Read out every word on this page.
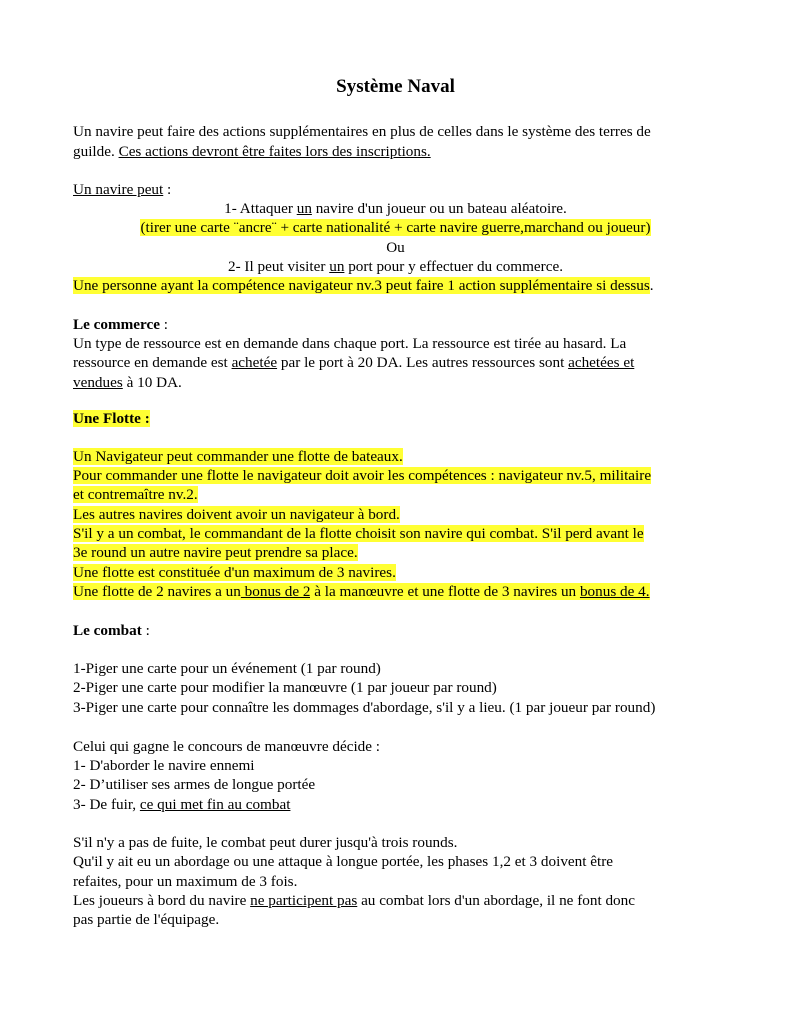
Système Naval
Un navire peut faire des actions supplémentaires en plus de celles dans le système des terres de
guilde. Ces actions devront être faites lors des inscriptions.
Un navire peut :
1- Attaquer un navire d'un joueur ou un bateau aléatoire.
(tirer une carte ¨ancre¨ + carte nationalité + carte navire guerre,marchand ou joueur)
Ou
2- Il peut visiter un port pour y effectuer du commerce.
Une personne ayant la compétence navigateur nv.3 peut faire 1 action supplémentaire si dessus.
Le commerce :
Un type de ressource est en demande dans chaque port. La ressource est tirée au hasard. La
ressource en demande est achetée par le port à 20 DA. Les autres ressources sont achetées et
vendues à 10 DA.
Une Flotte :
Un Navigateur peut commander une flotte de bateaux.
Pour commander une flotte le navigateur doit avoir les compétences : navigateur nv.5, militaire
et contremaître nv.2.
Les autres navires doivent avoir un navigateur à bord.
S'il y a un combat, le commandant de la flotte choisit son navire qui combat. S'il perd avant le
3e round un autre navire peut prendre sa place.
Une flotte est constituée d'un maximum de 3 navires.
Une flotte de 2 navires a un bonus de 2 à la manœuvre et une flotte de 3 navires un bonus de 4.
Le combat :
1-Piger une carte pour un événement (1 par round)
2-Piger une carte pour modifier la manœuvre (1 par joueur par round)
3-Piger une carte pour connaître les dommages d'abordage, s'il y a lieu. (1 par joueur par round)
Celui qui gagne le concours de manœuvre décide :
1- D'aborder le navire ennemi
2- D’utiliser ses armes de longue portée
3- De fuir, ce qui met fin au combat
S'il n'y a pas de fuite, le combat peut durer jusqu'à trois rounds.
Qu'il y ait eu un abordage ou une attaque à longue portée, les phases 1,2 et 3 doivent être
refaites, pour un maximum de 3 fois.
Les joueurs à bord du navire ne participent pas au combat lors d'un abordage, il ne font donc
pas partie de l'équipage.
